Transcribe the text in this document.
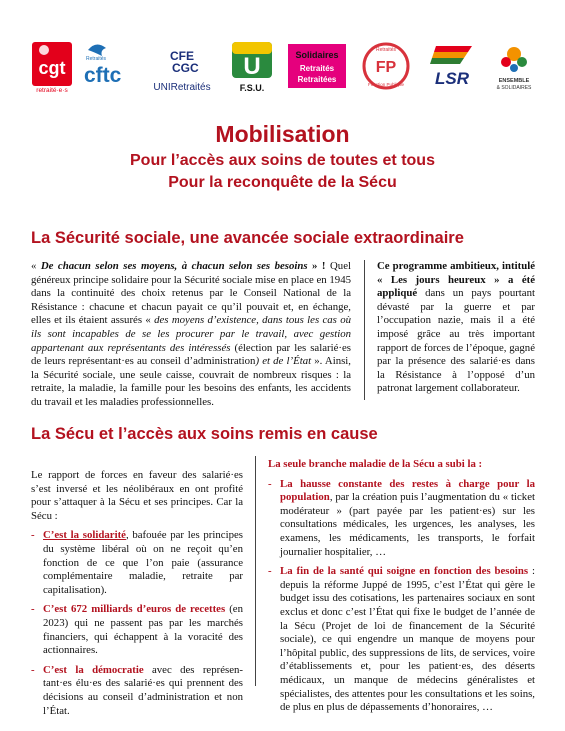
cgt
retraité·e·s
Retraités
cftc
CFE
CGC
UNIRetraités
U
F.S.U.
Solidaires
Retraités
Retraitées
FP
Retraités
Fonction Publique LSR	ENSEMBLE
& SOLIDAIRES
Mobilisation
Pour l’accès aux soins de toutes et tous
Pour la reconquête de la Sécu
La Sécurité sociale, une avancée sociale extraordinaire

« De chacun selon ses moyens, à chacun selon ses besoins » ! Quel généreux principe solidaire pour la Sécurité sociale mise en place en 1945 dans la continuité des choix retenus par le Conseil National de la Résistance : chacune et chacun payait ce qu’il pouvait et, en échange, elles et ils étaient assurés « des moyens d’existence, dans tous les cas où ils sont incapables de se les procurer par le travail, avec gestion appartenant aux représentants des intéressés (élection par les salarié·es de leurs représentant·es au conseil d’administration) et de l’État ». Ainsi, la Sécurité sociale, une seule caisse, couvrait de nombreux risques : la retraite, la maladie, la famille pour les besoins des enfants, les accidents du travail et les maladies professionnelles.

Ce programme ambitieux, intitulé « Les jours heureux » a été appliqué dans un pays pourtant dévasté par la guerre et par l’occupation nazie, mais il a été imposé grâce au très important rapport de forces de l’époque, gagné par la présence des salarié·es dans la Résistance à l’opposé d’un patronat largement collaborateur.

La Sécu et l’accès aux soins remis en cause

Le rapport de forces en faveur des salarié·es s’est inversé et les néolibéraux en ont profité pour s’attaquer à la Sécu et ses principes. Car la Sécu :

- C’est la solidarité, bafouée par les principes du système libéral où on ne reçoit qu’en fonction de ce que l’on paie (assurance complémentaire maladie, retraite par capitalisation).
- C’est 672 milliards d’euros de recettes (en 2023) qui ne passent pas par les marchés financiers, qui échappent à la voracité des actionnaires.
- C’est la démocratie avec des représen-tant·es élu·es des salarié·es qui prennent des décisions au conseil d’administration et non l’État.

La seule branche maladie de la Sécu a subi la :

- La hausse constante des restes à charge pour la population, par la création puis l’augmentation du « ticket modérateur » (part payée par les patient·es) sur les consultations médicales, les urgences, les analyses, les examens, les médicaments, les transports, le forfait journalier hospitalier, …
- La fin de la santé qui soigne en fonction des besoins : depuis la réforme Juppé de 1995, c’est l’État qui gère le budget issu des cotisations, les partenaires sociaux en sont exclus et donc c’est l’État qui fixe le budget de l’année de la Sécu (Projet de loi de financement de la Sécurité sociale), ce qui engendre un manque de moyens pour l’hôpital public, des suppressions de lits, de services, voire d’établissements et, pour les patient·es, des déserts médicaux, un manque de médecins généralistes et spécialistes, des attentes pour les consultations et les soins, de plus en plus de dépassements d’honoraires, …
